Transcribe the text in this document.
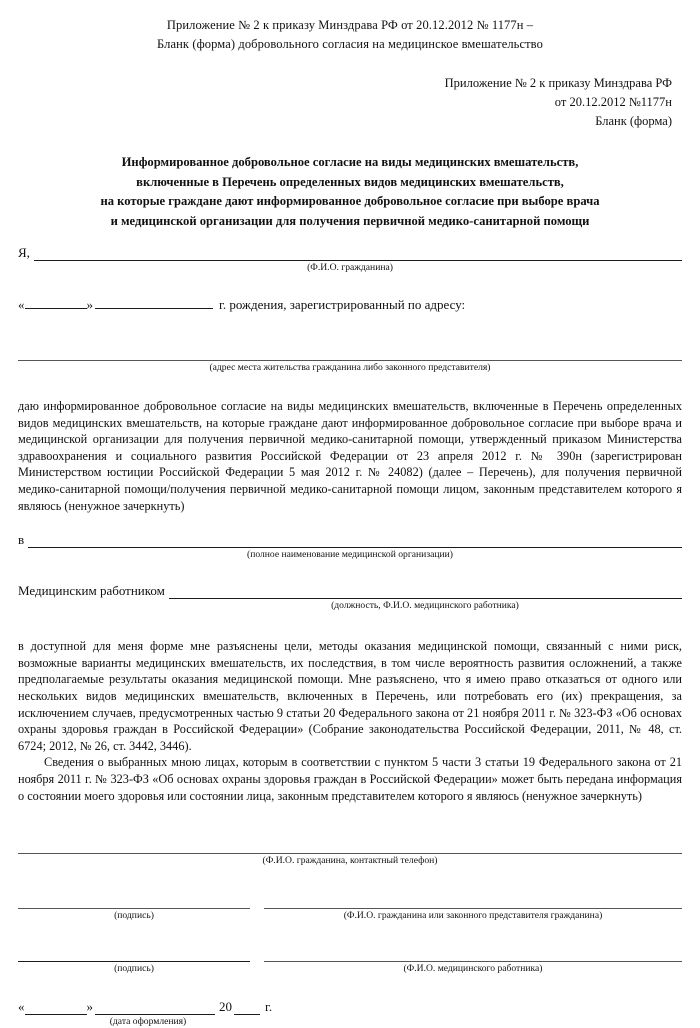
Приложение № 2 к приказу Минздрава РФ от 20.12.2012 № 1177н –
Бланк (форма) добровольного согласия на медицинское вмешательство
Приложение № 2 к приказу Минздрава РФ
от 20.12.2012 №1177н
Бланк (форма)
Информированное добровольное согласие на виды медицинских вмешательств,
включенные в Перечень определенных видов медицинских вмешательств,
на которые граждане дают информированное добровольное согласие при выборе врача
и медицинской организации для получения первичной медико-санитарной помощи
Я,
(Ф.И.О. гражданина)
«	»	г. рождения, зарегистрированный по адресу:
(адрес места жительства гражданина либо законного представителя)

даю информированное добровольное согласие на виды медицинских вмешательств, включенные в Перечень определенных видов медицинских вмешательств, на которые граждане дают информированное добровольное согласие при выборе врача и медицинской организации для получения первичной медико-санитарной помощи, утвержденный приказом Министерства здравоохранения и социального развития Российской Федерации от 23 апреля 2012 г. № 390н (зарегистрирован Министерством юстиции Российской Федерации 5 мая 2012 г. № 24082) (далее – Перечень), для получения первичной медико-санитарной помощи/получения первичной медико-санитарной помощи лицом, законным представителем которого я являюсь (ненужное зачеркнуть)

в
(полное наименование медицинской организации)
Медицинским работником
(должность, Ф.И.О. медицинского работника)

в доступной для меня форме мне разъяснены цели, методы оказания медицинской помощи, связанный с ними риск, возможные варианты медицинских вмешательств, их последствия, в том числе вероятность развития осложнений, а также предполагаемые результаты оказания медицинской помощи. Мне разъяснено, что я имею право отказаться от одного или нескольких видов медицинских вмешательств, включенных в Перечень, или потребовать его (их) прекращения, за исключением случаев, предусмотренных частью 9 статьи 20 Федерального закона от 21 ноября 2011 г. № 323-ФЗ «Об основах охраны здоровья граждан в Российской Федерации» (Собрание законодательства Российской Федерации, 2011, № 48, ст. 6724; 2012, № 26, ст. 3442, 3446).

Сведения о выбранных мною лицах, которым в соответствии с пунктом 5 части 3 статьи 19 Федерального закона от 21 ноября 2011 г. № 323-ФЗ «Об основах охраны здоровья граждан в Российской Федерации» может быть передана информация о состоянии моего здоровья или состоянии лица, законным представителем которого я являюсь (ненужное зачеркнуть)

(Ф.И.О. гражданина, контактный телефон)
(подпись)	(Ф.И.О. гражданина или законного представителя гражданина)
(подпись)	(Ф.И.О. медицинского работника)
«	»	20	г.
(дата оформления)
